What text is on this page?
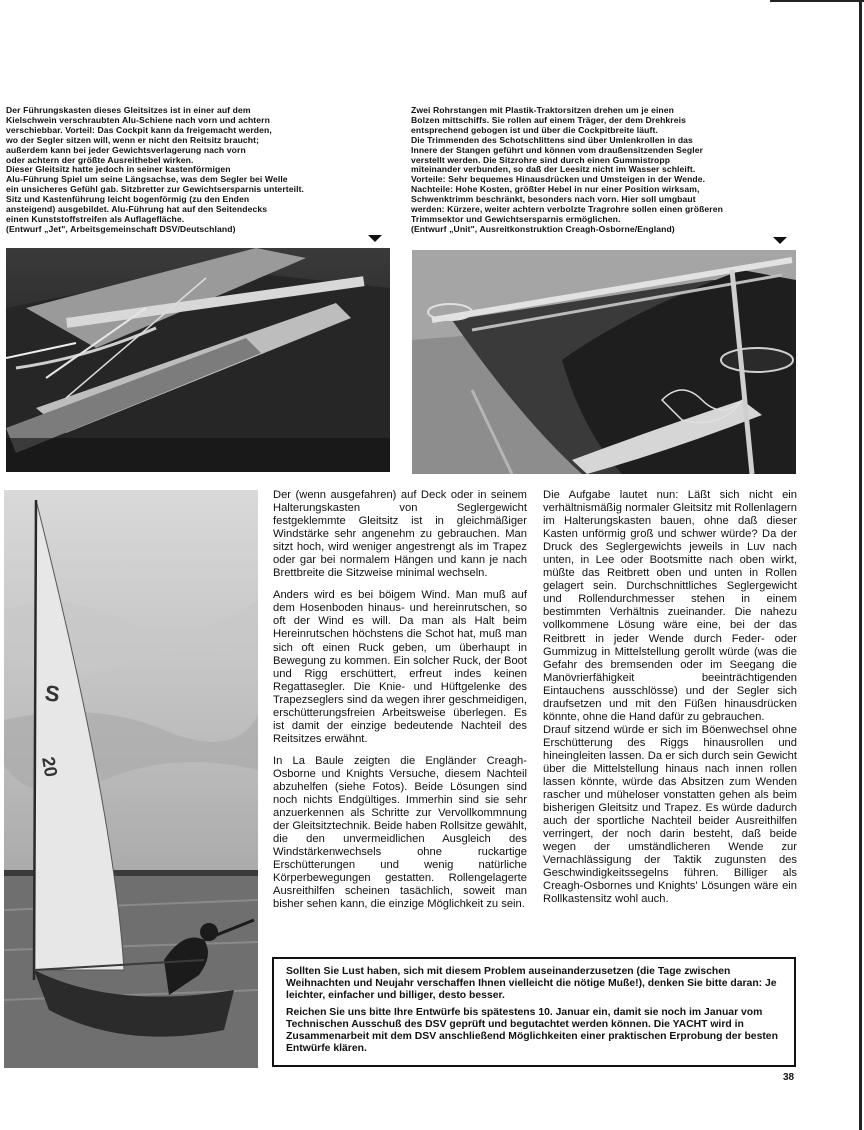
Der Führungskasten dieses Gleitsitzes ist in einer auf dem
Kielschwein verschraubten Alu-Schiene nach vorn und achtern
verschiebbar. Vorteil: Das Cockpit kann da freigemacht werden,
wo der Segler sitzen will, wenn er nicht den Reitsitz braucht;
außerdem kann bei jeder Gewichtsverlagerung nach vorn
oder achtern der größte Ausreithebel wirken.
Dieser Gleitsitz hatte jedoch in seiner kastenförmigen
Alu-Führung Spiel um seine Längsachse, was dem Segler bei Welle
ein unsicheres Gefühl gab. Sitzbretter zur Gewichtsersparnis unterteilt.
Sitz und Kastenführung leicht bogenförmig (zu den Enden
ansteigend) ausgebildet. Alu-Führung hat auf den Seitendecks
einen Kunststoffstreifen als Auflagefläche.
(Entwurf „Jet", Arbeitsgemeinschaft DSV/Deutschland)
Zwei Rohrstangen mit Plastik-Traktorsitzen drehen um je einen
Bolzen mittschiffs. Sie rollen auf einem Träger, der dem Drehkreis
entsprechend gebogen ist und über die Cockpitbreite läuft.
Die Trimmenden des Schotschlittens sind über Umlenkrollen in das
Innere der Stangen geführt und können vom draußensitzenden Segler
verstellt werden. Die Sitzrohre sind durch einen Gummistropp
miteinander verbunden, so daß der Leesitz nicht im Wasser schleift.
Vorteile: Sehr bequemes Hinausdrücken und Umsteigen in der Wende.
Nachteile: Hohe Kosten, größter Hebel in nur einer Position wirksam,
Schwenktrimm beschränkt, besonders nach vorn. Hier soll umgbaut
werden: Kürzere, weiter achtern verbolzte Tragrohre sollen einen größeren
Trimmsektor und Gewichtsersparnis ermöglichen.
(Entwurf „Unit", Ausreitkonstruktion Creagh-Osborne/England)
S
20

Der (wenn ausgefahren) auf Deck oder in seinem Halterungskasten von Seglergewicht festgeklemmte Gleitsitz ist in gleichmäßiger Windstärke sehr angenehm zu gebrauchen. Man sitzt hoch, wird weniger angestrengt als im Trapez oder gar bei normalem Hängen und kann je nach Brettbreite die Sitzweise minimal wechseln.

Anders wird es bei böigem Wind. Man muß auf dem Hosenboden hinaus- und hereinrutschen, so oft der Wind es will. Da man als Halt beim Hereinrutschen höchstens die Schot hat, muß man sich oft einen Ruck geben, um überhaupt in Bewegung zu kommen. Ein solcher Ruck, der Boot und Rigg erschüttert, erfreut indes keinen Regattasegler. Die Knie- und Hüftgelenke des Trapezseglers sind da wegen ihrer geschmeidigen, erschütterungsfreien Arbeitsweise überlegen. Es ist damit der einzige bedeutende Nachteil des Reitsitzes erwähnt.

In La Baule zeigten die Engländer Creagh-Osborne und Knights Versuche, diesem Nachteil abzuhelfen (siehe Fotos). Beide Lösungen sind noch nichts Endgültiges. Immerhin sind sie sehr anzuerkennen als Schritte zur Vervollkommnung der Gleitsitztechnik. Beide haben Rollsitze gewählt, die den unvermeidlichen Ausgleich des Windstärkenwechsels ohne ruckartige Erschütterungen und wenig natürliche Körperbewegungen gestatten. Rollengelagerte Ausreithilfen scheinen tasächlich, soweit man bisher sehen kann, die einzige Möglichkeit zu sein.

Die Aufgabe lautet nun: Läßt sich nicht ein verhältnismäßig normaler Gleitsitz mit Rollenlagern im Halterungskasten bauen, ohne daß dieser Kasten unförmig groß und schwer würde? Da der Druck des Seglergewichts jeweils in Luv nach unten, in Lee oder Bootsmitte nach oben wirkt, müßte das Reitbrett oben und unten in Rollen gelagert sein. Durchschnittliches Seglergewicht und Rollendurchmesser stehen in einem bestimmten Verhältnis zueinander. Die nahezu vollkommene Lösung wäre eine, bei der das Reitbrett in jeder Wende durch Feder- oder Gummizug in Mittelstellung gerollt würde (was die Gefahr des bremsenden oder im Seegang die Manövrierfähigkeit beeinträchtigenden Eintauchens ausschlösse) und der Segler sich draufsetzen und mit den Füßen hinausdrücken könnte, ohne die Hand dafür zu gebrauchen.

Drauf sitzend würde er sich im Böenwechsel ohne Erschütterung des Riggs hinausrollen und hineingleiten lassen. Da er sich durch sein Gewicht über die Mittelstellung hinaus nach innen rollen lassen könnte, würde das Absitzen zum Wenden rascher und müheloser vonstatten gehen als beim bisherigen Gleitsitz und Trapez. Es würde dadurch auch der sportliche Nachteil beider Ausreithilfen verringert, der noch darin besteht, daß beide wegen der umständlicheren Wende zur Vernachlässigung der Taktik zugunsten des Geschwindigkeitssegelns führen. Billiger als Creagh-Osbornes und Knights' Lösungen wäre ein Rollkastensitz wohl auch.

Sollten Sie Lust haben, sich mit diesem Problem auseinanderzusetzen (die Tage zwischen Weihnachten und Neujahr verschaffen Ihnen vielleicht die nötige Muße!), denken Sie bitte daran: Je leichter, einfacher und billiger, desto besser.

Reichen Sie uns bitte Ihre Entwürfe bis spätestens 10. Januar ein, damit sie noch im Januar vom Technischen Ausschuß des DSV geprüft und begutachtet werden können. Die YACHT wird in Zusammenarbeit mit dem DSV anschließend Möglichkeiten einer praktischen Erprobung der besten Entwürfe klären.

38
